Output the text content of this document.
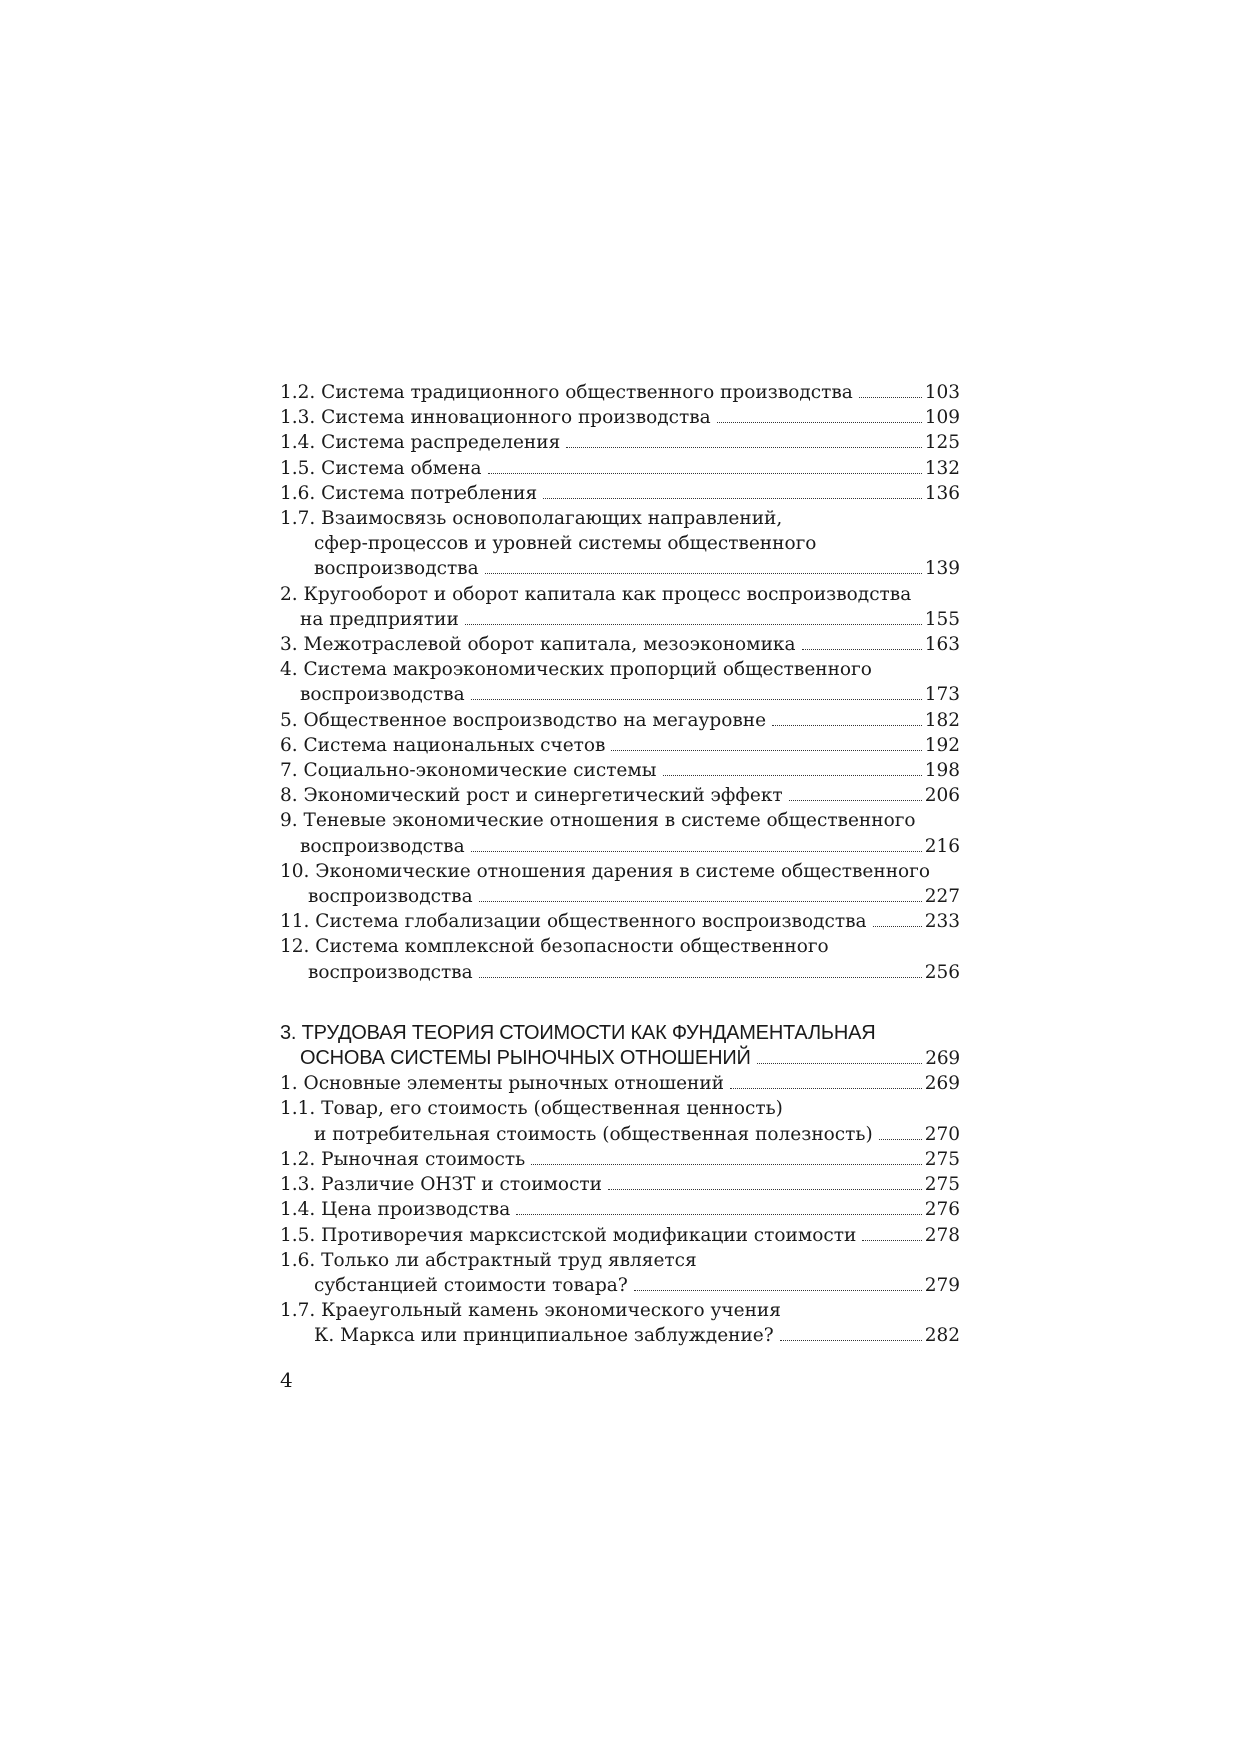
1.2. Система традиционного общественного производства	103
1.3. Система инновационного производства	109
1.4. Система распределения	125
1.5. Система обмена	132
1.6. Система потребления	136
1.7. Взаимосвязь основополагающих направлений,
сфер-процессов и уровней системы общественного
воспроизводства	139
2. Кругооборот и оборот капитала как процесс воспроизводства
на предприятии	155
3. Межотраслевой оборот капитала, мезоэкономика	163
4. Система макроэкономических пропорций общественного
воспроизводства	173
5. Общественное воспроизводство на мегауровне	182
6. Система национальных счетов	192
7. Социально-экономические системы	198
8. Экономический рост и синергетический эффект	206
9. Теневые экономические отношения в системе общественного
воспроизводства	216
10. Экономические отношения дарения в системе общественного
воспроизводства	227
11. Система глобализации общественного воспроизводства	233
12. Система комплексной безопасности общественного
воспроизводства	256
3. ТРУДОВАЯ ТЕОРИЯ СТОИМОСТИ КАК ФУНДАМЕНТАЛЬНАЯ
ОСНОВА СИСТЕМЫ РЫНОЧНЫХ ОТНОШЕНИЙ	269
1. Основные элементы рыночных отношений	269
1.1. Товар, его стоимость (общественная ценность)
и потребительная стоимость (общественная полезность)	270
1.2. Рыночная стоимость	275
1.3. Различие ОНЗТ и стоимости	275
1.4. Цена производства	276
1.5. Противоречия марксистской модификации стоимости	278
1.6. Только ли абстрактный труд является
субстанцией стоимости товара?	279
1.7. Краеугольный камень экономического учения
К. Маркса или принципиальное заблуждение?	282
4
